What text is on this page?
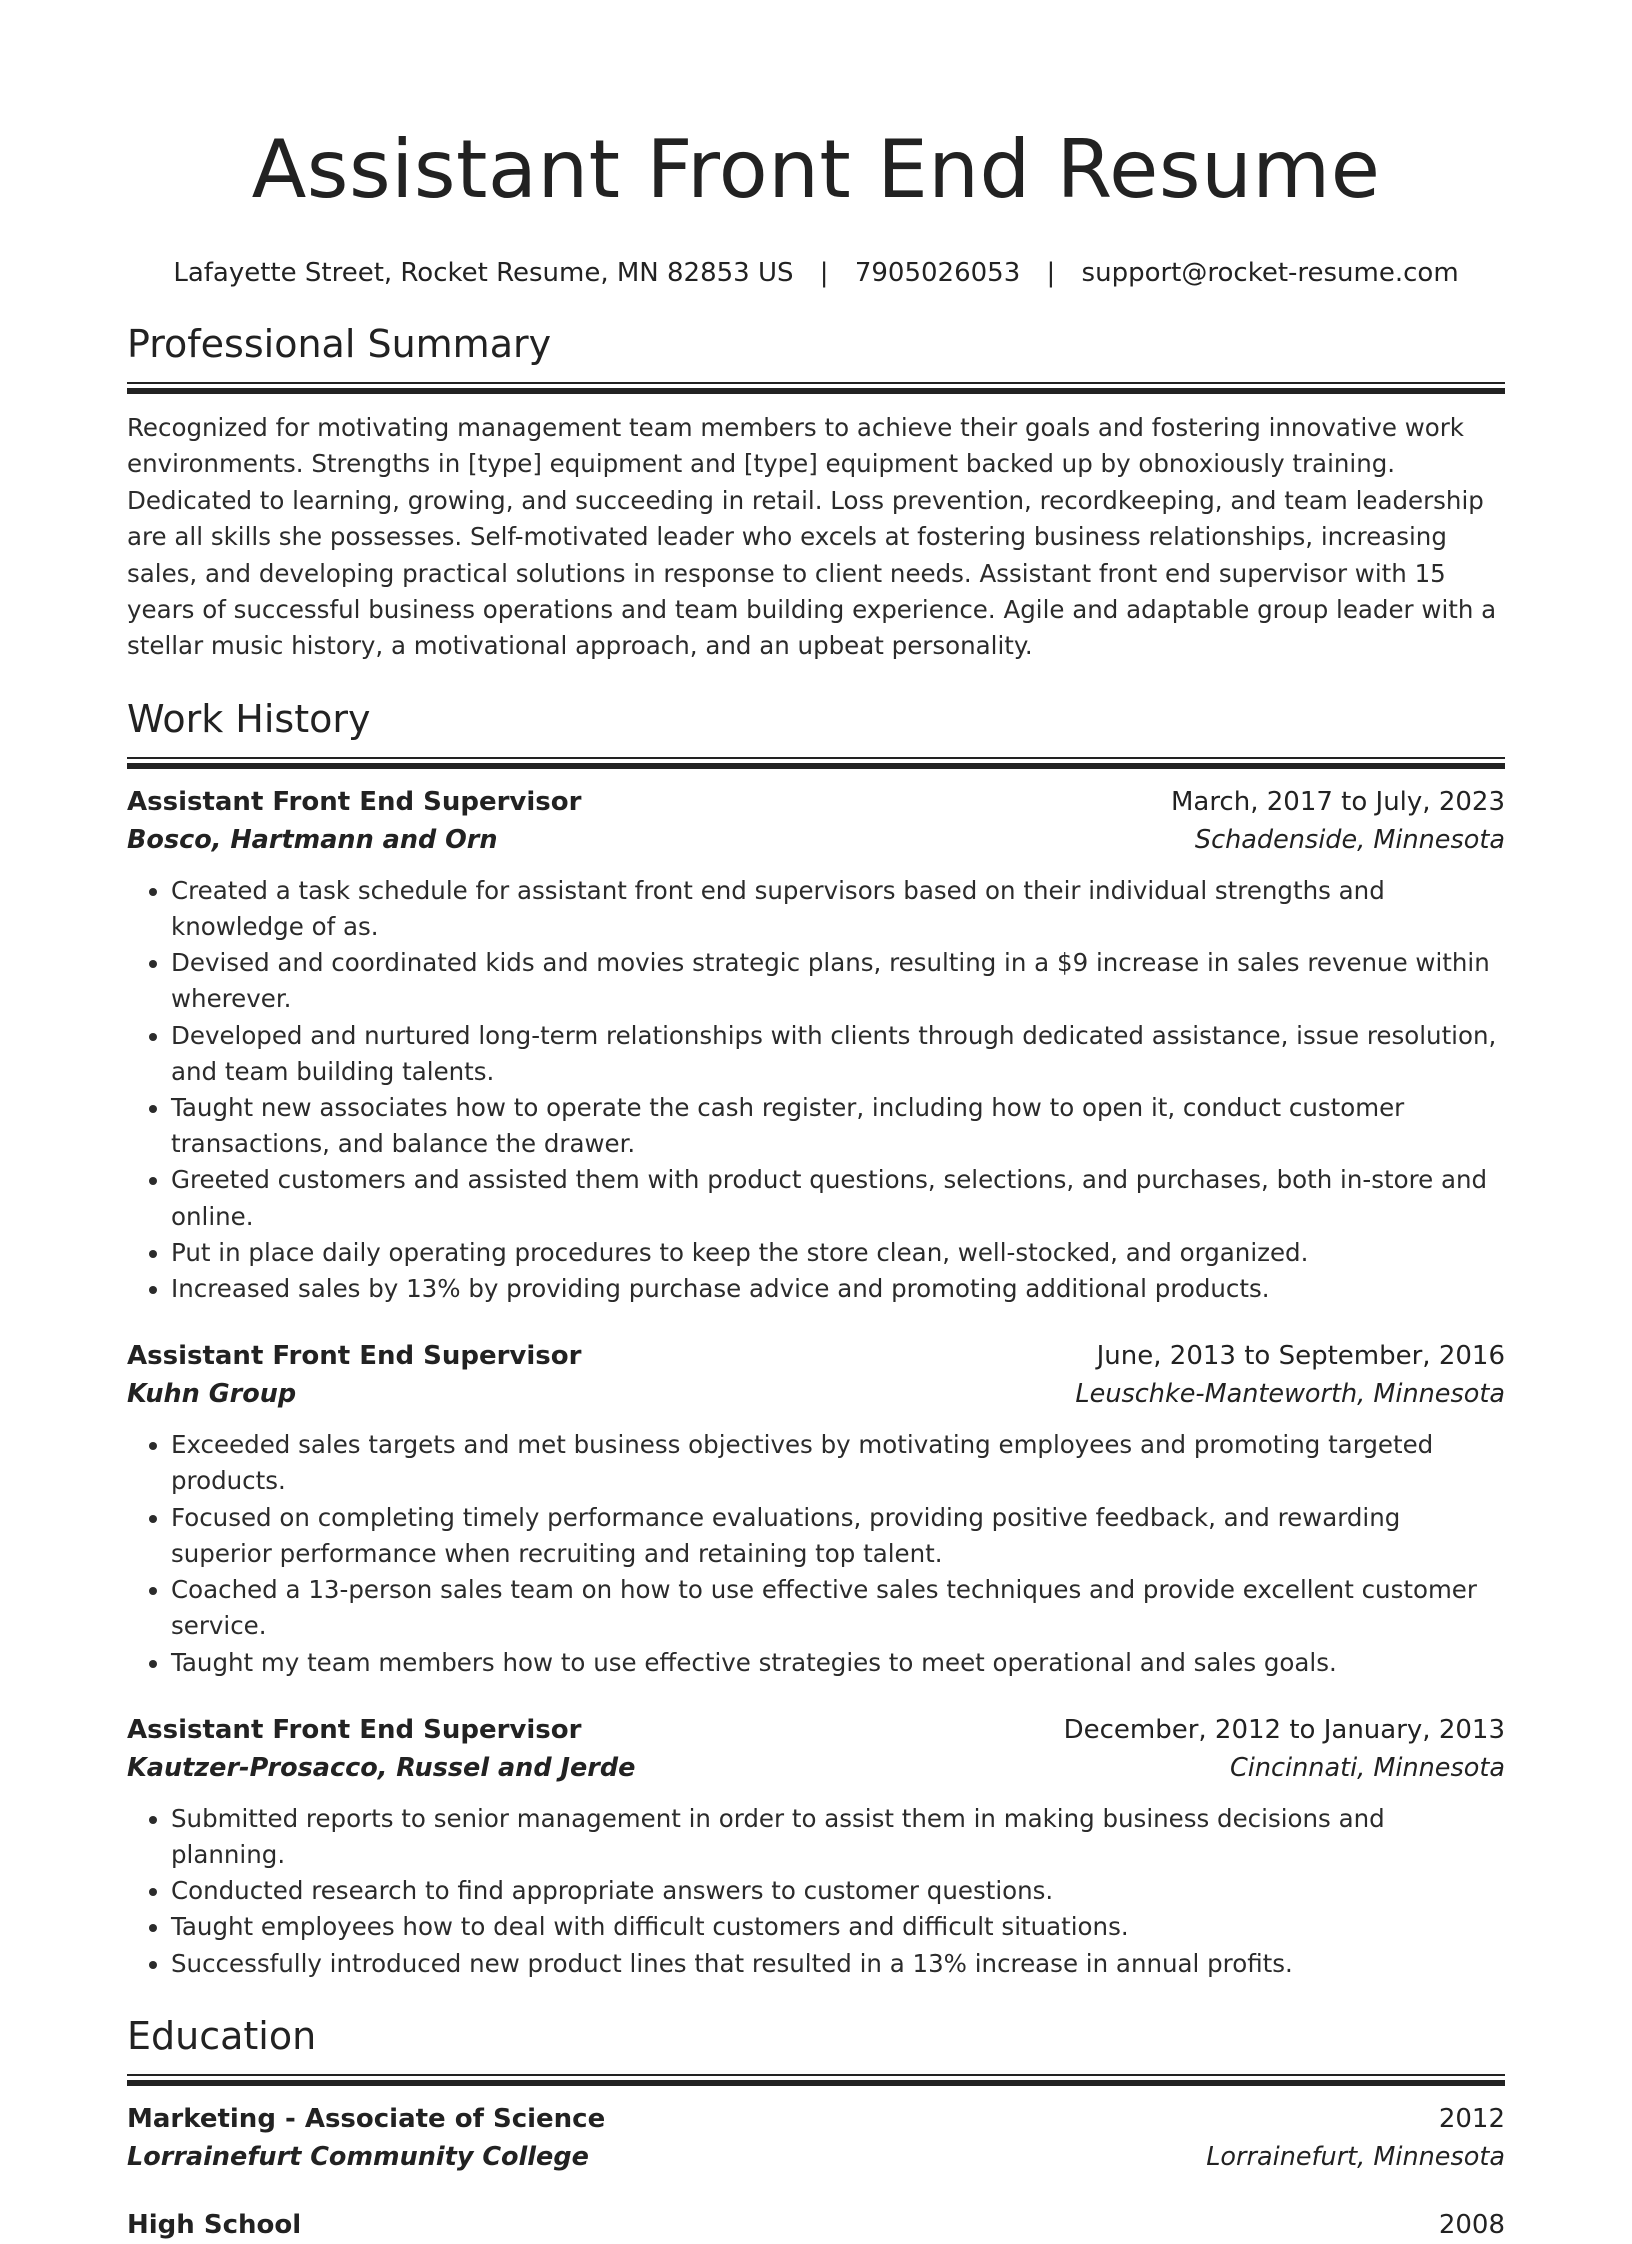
Assistant Front End Resume
Lafayette Street, Rocket Resume, MN 82853 US | 7905026053 | support@rocket-resume.com
Professional Summary
Recognized for motivating management team members to achieve their goals and fostering innovative work environments. Strengths in [type] equipment and [type] equipment backed up by obnoxiously training. Dedicated to learning, growing, and succeeding in retail. Loss prevention, recordkeeping, and team leadership are all skills she possesses. Self-motivated leader who excels at fostering business relationships, increasing sales, and developing practical solutions in response to client needs. Assistant front end supervisor with 15 years of successful business operations and team building experience. Agile and adaptable group leader with a stellar music history, a motivational approach, and an upbeat personality.
Work History
Assistant Front End Supervisor	March, 2017 to July, 2023
Bosco, Hartmann and Orn	Schadenside, Minnesota
• Created a task schedule for assistant front end supervisors based on their individual strengths and knowledge of as.
• Devised and coordinated kids and movies strategic plans, resulting in a $9 increase in sales revenue within wherever.
• Developed and nurtured long-term relationships with clients through dedicated assistance, issue resolution, and team building talents.
• Taught new associates how to operate the cash register, including how to open it, conduct customer transactions, and balance the drawer.
• Greeted customers and assisted them with product questions, selections, and purchases, both in-store and online.
• Put in place daily operating procedures to keep the store clean, well-stocked, and organized.
• Increased sales by 13% by providing purchase advice and promoting additional products.
Assistant Front End Supervisor	June, 2013 to September, 2016
Kuhn Group	Leuschke-Manteworth, Minnesota
• Exceeded sales targets and met business objectives by motivating employees and promoting targeted products.
• Focused on completing timely performance evaluations, providing positive feedback, and rewarding superior performance when recruiting and retaining top talent.
• Coached a 13-person sales team on how to use effective sales techniques and provide excellent customer service.
• Taught my team members how to use effective strategies to meet operational and sales goals.
Assistant Front End Supervisor	December, 2012 to January, 2013
Kautzer-Prosacco, Russel and Jerde	Cincinnati, Minnesota
• Submitted reports to senior management in order to assist them in making business decisions and planning.
• Conducted research to find appropriate answers to customer questions.
• Taught employees how to deal with difficult customers and difficult situations.
• Successfully introduced new product lines that resulted in a 13% increase in annual profits.
Education
Marketing - Associate of Science	2012
Lorrainefurt Community College	Lorrainefurt, Minnesota
High School	2008
